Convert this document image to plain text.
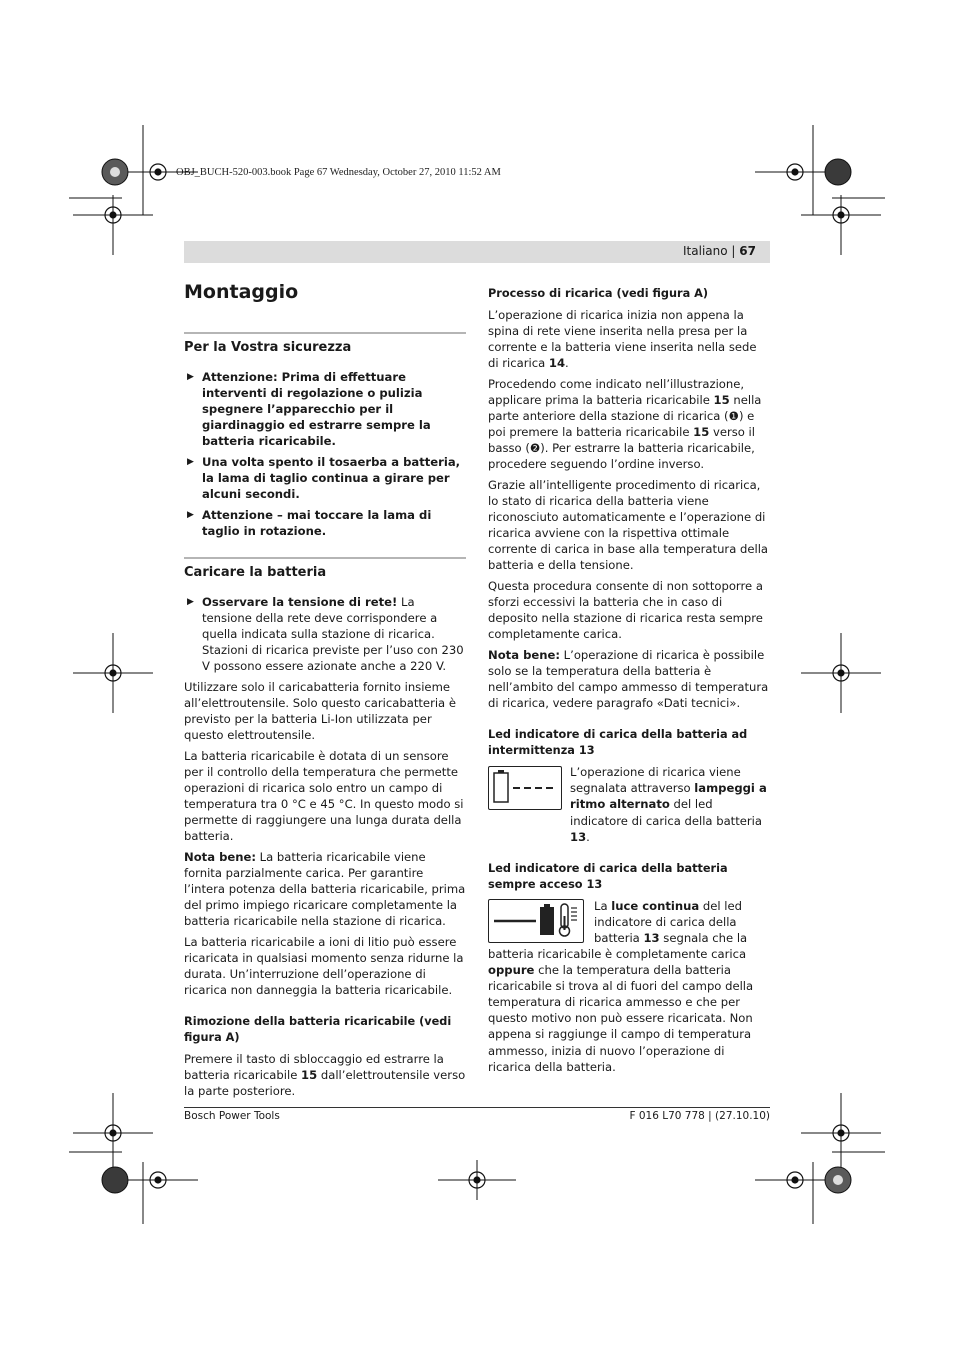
OBJ_BUCH-520-003.book Page 67 Wednesday, October 27, 2010 11:52 AM
Italiano | 67
Montaggio
Per la Vostra sicurezza
▶ Attenzione: Prima di effettuare interventi di regolazione o pulizia spegnere l’apparecchio per il giardinaggio ed estrarre sempre la batteria ricaricabile.
▶ Una volta spento il tosaerba a batteria, la lama di taglio continua a girare per alcuni secondi.
▶ Attenzione – mai toccare la lama di taglio in rotazione.
Caricare la batteria
▶ Osservare la tensione di rete! La tensione della rete deve corrispondere a quella indicata sulla stazione di ricarica. Stazioni di ricarica previste per l’uso con 230 V possono essere azionate anche a 220 V.

Utilizzare solo il caricabatteria fornito insieme all’elettroutensile. Solo questo caricabatteria è previsto per la batteria Li-Ion utilizzata per questo elettroutensile.

La batteria ricaricabile è dotata di un sensore per il controllo della temperatura che permette operazioni di ricarica solo entro un campo di temperatura tra 0 °C e 45 °C. In questo modo si permette di raggiungere una lunga durata della batteria.

Nota bene: La batteria ricaricabile viene fornita parzialmente carica. Per garantire l’intera potenza della batteria ricaricabile, prima del primo impiego ricaricare completamente la batteria ricaricabile nella stazione di ricarica.

La batteria ricaricabile a ioni di litio può essere ricaricata in qualsiasi momento senza ridurne la durata. Un’interruzione dell’operazione di ricarica non danneggia la batteria ricaricabile.

Rimozione della batteria ricaricabile (vedi figura A)

Premere il tasto di sbloccaggio ed estrarre la batteria ricaricabile 15 dall’elettroutensile verso la parte posteriore.

Processo di ricarica (vedi figura A)

L’operazione di ricarica inizia non appena la spina di rete viene inserita nella presa per la corrente e la batteria viene inserita nella sede di ricarica 14.

Procedendo come indicato nell’illustrazione, applicare prima la batteria ricaricabile 15 nella parte anteriore della stazione di ricarica (❶) e poi premere la batteria ricaricabile 15 verso il basso (❷). Per estrarre la batteria ricaricabile, procedere seguendo l’ordine inverso.

Grazie all’intelligente procedimento di ricarica, lo stato di ricarica della batteria viene riconosciuto automaticamente e l’operazione di ricarica avviene con la rispettiva ottimale corrente di carica in base alla temperatura della batteria e della tensione.

Questa procedura consente di non sottoporre a sforzi eccessivi la batteria che in caso di deposito nella stazione di ricarica resta sempre completamente carica.

Nota bene: L’operazione di ricarica è possibile solo se la temperatura della batteria è nell’ambito del campo ammesso di temperatura di ricarica, vedere paragrafo «Dati tecnici».

Led indicatore di carica della batteria ad intermittenza 13

L’operazione di ricarica viene segnalata attraverso lampeggi a ritmo alternato del led indicatore di carica della batteria 13.

Led indicatore di carica della batteria sempre acceso 13

La luce continua del led indicatore di carica della batteria 13 segnala che la batteria ricaricabile è completamente carica oppure che la temperatura della batteria ricaricabile si trova al di fuori del campo della temperatura di ricarica ammesso e che per questo motivo non può essere ricaricata. Non appena si raggiunge il campo di temperatura ammesso, inizia di nuovo l’operazione di ricarica della batteria.

Bosch Power Tools	F 016 L70 778 | (27.10.10)
